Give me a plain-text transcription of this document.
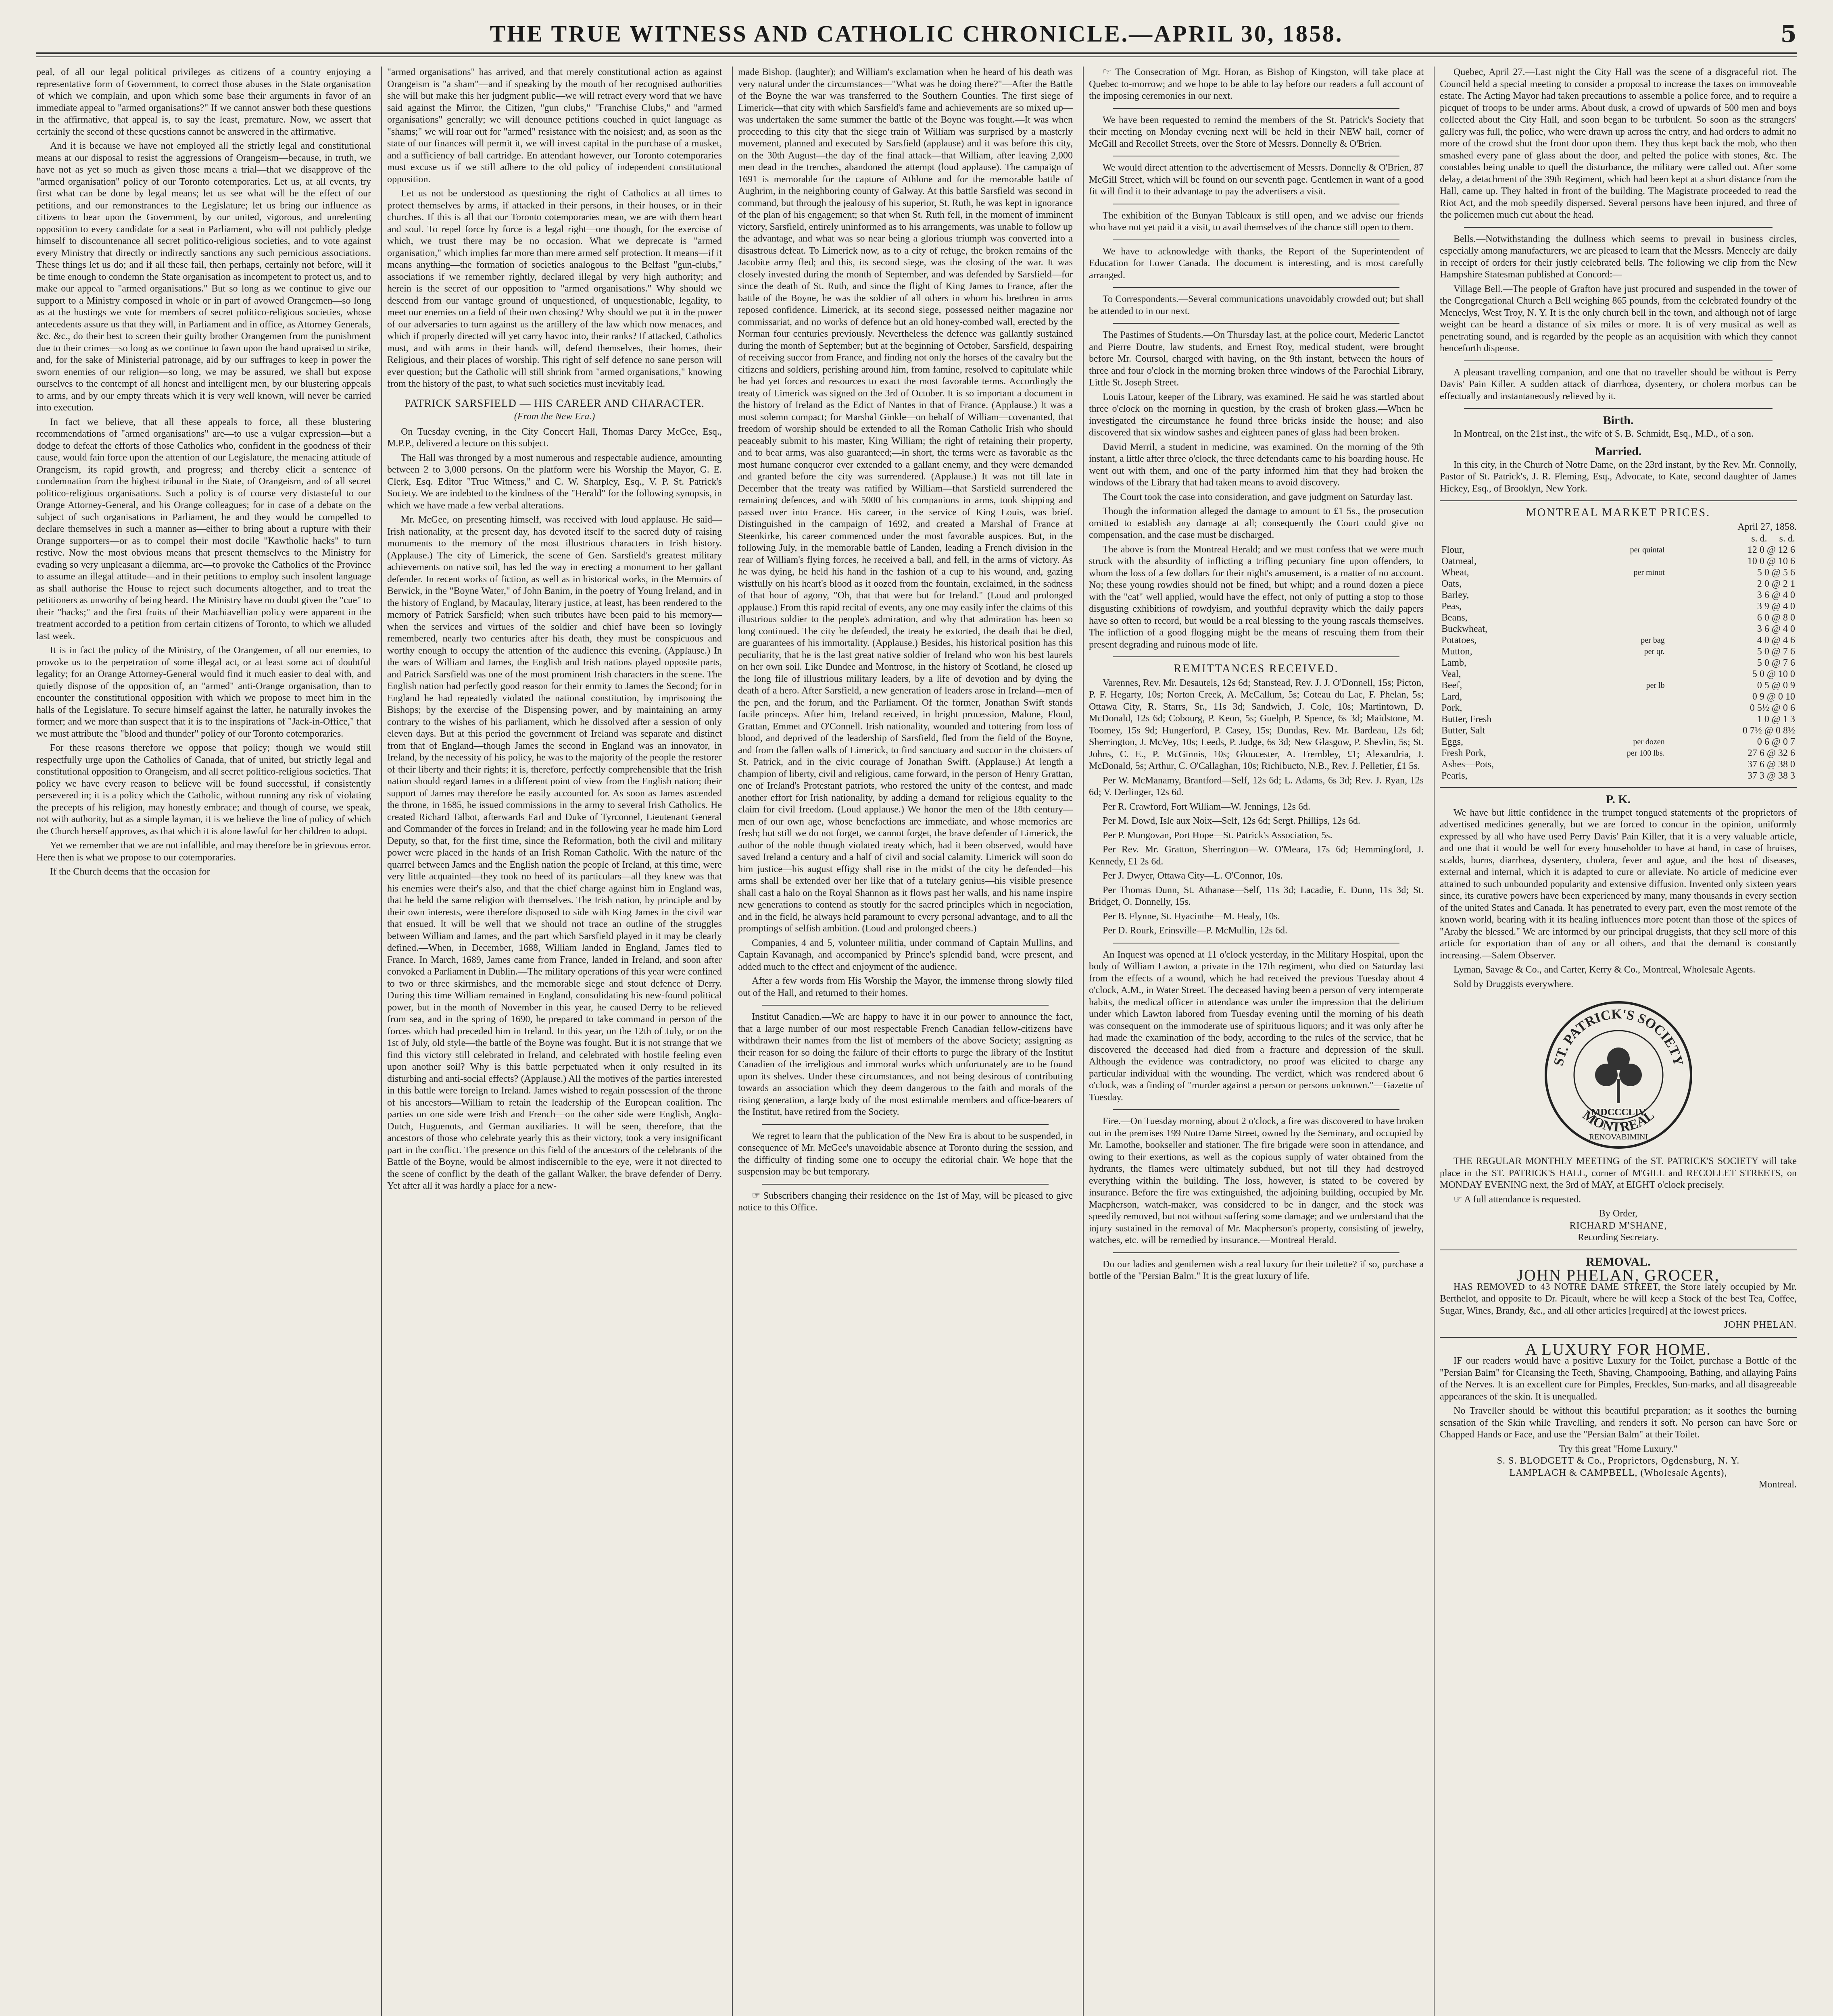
THE TRUE WITNESS AND CATHOLIC CHRONICLE.—APRIL 30, 1858.	5

peal, of all our legal political privileges as citizens of a country enjoying a representative form of Government, to correct those abuses in the State organisation of which we complain, and upon which some base their arguments in favor of an immediate appeal to "armed organisations?" If we cannot answer both these questions in the affirmative, that appeal is, to say the least, premature. Now, we assert that certainly the second of these questions cannot be answered in the affirmative.

And it is because we have not employed all the strictly legal and constitutional means at our disposal to resist the aggressions of Orangeism—because, in truth, we have not as yet so much as given those means a trial—that we disapprove of the "armed organisation" policy of our Toronto cotemporaries. Let us, at all events, try first what can be done by legal means; let us see what will be the effect of our petitions, and our remonstrances to the Legislature; let us bring our influence as citizens to bear upon the Government, by our united, vigorous, and unrelenting opposition to every candidate for a seat in Parliament, who will not publicly pledge himself to discountenance all secret politico-religious societies, and to vote against every Ministry that directly or indirectly sanctions any such pernicious associations. These things let us do; and if all these fail, then perhaps, certainly not before, will it be time enough to condemn the State organisation as incompetent to protect us, and to make our appeal to "armed organisations." But so long as we continue to give our support to a Ministry composed in whole or in part of avowed Orangemen—so long as at the hustings we vote for members of secret politico-religious societies, whose antecedents assure us that they will, in Parliament and in office, as Attorney Generals, &c. &c., do their best to screen their guilty brother Orangemen from the punishment due to their crimes—so long as we continue to fawn upon the hand upraised to strike, and, for the sake of Ministerial patronage, aid by our suffrages to keep in power the sworn enemies of our religion—so long, we may be assured, we shall but expose ourselves to the contempt of all honest and intelligent men, by our blustering appeals to arms, and by our empty threats which it is very well known, will never be carried into execution.

In fact we believe, that all these appeals to force, all these blustering recommendations of "armed organisations" are—to use a vulgar expression—but a dodge to defeat the efforts of those Catholics who, confident in the goodness of their cause, would fain force upon the attention of our Legislature, the menacing attitude of Orangeism, its rapid growth, and progress; and thereby elicit a sentence of condemnation from the highest tribunal in the State, of Orangeism, and of all secret politico-religious organisations. Such a policy is of course very distasteful to our Orange Attorney-General, and his Orange colleagues; for in case of a debate on the subject of such organisations in Parliament, he and they would be compelled to declare themselves in such a manner as—either to bring about a rupture with their Orange supporters—or as to compel their most docile "Kawtholic hacks" to turn restive. Now the most obvious means that present themselves to the Ministry for evading so very unpleasant a dilemma, are—to provoke the Catholics of the Province to assume an illegal attitude—and in their petitions to employ such insolent language as shall authorise the House to reject such documents altogether, and to treat the petitioners as unworthy of being heard. The Ministry have no doubt given the "cue" to their "hacks;" and the first fruits of their Machiavellian policy were apparent in the treatment accorded to a petition from certain citizens of Toronto, to which we alluded last week.

It is in fact the policy of the Ministry, of the Orangemen, of all our enemies, to provoke us to the perpetration of some illegal act, or at least some act of doubtful legality; for an Orange Attorney-General would find it much easier to deal with, and quietly dispose of the opposition of, an "armed" anti-Orange organisation, than to encounter the constitutional opposition with which we propose to meet him in the halls of the Legislature. To secure himself against the latter, he naturally invokes the former; and we more than suspect that it is to the inspirations of "Jack-in-Office," that we must attribute the "blood and thunder" policy of our Toronto cotemporaries.

For these reasons therefore we oppose that policy; though we would still respectfully urge upon the Catholics of Canada, that of united, but strictly legal and constitutional opposition to Orangeism, and all secret politico-religious societies. That policy we have every reason to believe will be found successful, if consistently persevered in; it is a policy which the Catholic, without running any risk of violating the precepts of his religion, may honestly embrace; and though of course, we speak, not with authority, but as a simple layman, it is we believe the line of policy of which the Church herself approves, as that which it is alone lawful for her children to adopt.

Yet we remember that we are not infallible, and may therefore be in grievous error. Here then is what we propose to our cotemporaries.

If the Church deems that the occasion for

"armed organisations" has arrived, and that merely constitutional action as against Orangeism is "a sham"—and if speaking by the mouth of her recognised authorities she will but make this her judgment public—we will retract every word that we have said against the Mirror, the Citizen, "gun clubs," "Franchise Clubs," and "armed organisations" generally; we will denounce petitions couched in quiet language as "shams;" we will roar out for "armed" resistance with the noisiest; and, as soon as the state of our finances will permit it, we will invest capital in the purchase of a musket, and a sufficiency of ball cartridge. En attendant however, our Toronto cotemporaries must excuse us if we still adhere to the old policy of independent constitutional opposition.

Let us not be understood as questioning the right of Catholics at all times to protect themselves by arms, if attacked in their persons, in their houses, or in their churches. If this is all that our Toronto cotemporaries mean, we are with them heart and soul. To repel force by force is a legal right—one though, for the exercise of which, we trust there may be no occasion. What we deprecate is "armed organisation," which implies far more than mere armed self protection. It means—if it means anything—the formation of societies analogous to the Belfast "gun-clubs," associations if we remember rightly, declared illegal by very high authority; and herein is the secret of our opposition to "armed organisations." Why should we descend from our vantage ground of unquestioned, of unquestionable, legality, to meet our enemies on a field of their own chosing? Why should we put it in the power of our adversaries to turn against us the artillery of the law which now menaces, and which if properly directed will yet carry havoc into, their ranks? If attacked, Catholics must, and with arms in their hands will, defend themselves, their homes, their Religious, and their places of worship. This right of self defence no sane person will ever question; but the Catholic will still shrink from "armed organisations," knowing from the history of the past, to what such societies must inevitably lead.

PATRICK SARSFIELD — HIS CAREER AND CHARACTER.
(From the New Era.)

On Tuesday evening, in the City Concert Hall, Thomas Darcy McGee, Esq., M.P.P., delivered a lecture on this subject.

The Hall was thronged by a most numerous and respectable audience, amounting between 2 to 3,000 persons. On the platform were his Worship the Mayor, G. E. Clerk, Esq. Editor "True Witness," and C. W. Sharpley, Esq., V. P. St. Patrick's Society. We are indebted to the kindness of the "Herald" for the following synopsis, in which we have made a few verbal alterations.

Mr. McGee, on presenting himself, was received with loud applause. He said—Irish nationality, at the present day, has devoted itself to the sacred duty of raising monuments to the memory of the most illustrious characters in Irish history. (Applause.) The city of Limerick, the scene of Gen. Sarsfield's greatest military achievements on native soil, has led the way in erecting a monument to her gallant defender. In recent works of fiction, as well as in historical works, in the Memoirs of Berwick, in the "Boyne Water," of John Banim, in the poetry of Young Ireland, and in the history of England, by Macaulay, literary justice, at least, has been rendered to the memory of Patrick Sarsfield; when such tributes have been paid to his memory—when the services and virtues of the soldier and chief have been so lovingly remembered, nearly two centuries after his death, they must be conspicuous and worthy enough to occupy the attention of the audience this evening. (Applause.) In the wars of William and James, the English and Irish nations played opposite parts, and Patrick Sarsfield was one of the most prominent Irish characters in the scene. The English nation had perfectly good reason for their enmity to James the Second; for in England he had repeatedly violated the national constitution, by imprisoning the Bishops; by the exercise of the Dispensing power, and by maintaining an army contrary to the wishes of his parliament, which he dissolved after a session of only eleven days. But at this period the government of Ireland was separate and distinct from that of England—though James the second in England was an innovator, in Ireland, by the necessity of his policy, he was to the majority of the people the restorer of their liberty and their rights; it is, therefore, perfectly comprehensible that the Irish nation should regard James in a different point of view from the English nation; their support of James may therefore be easily accounted for. As soon as James ascended the throne, in 1685, he issued commissions in the army to several Irish Catholics. He created Richard Talbot, afterwards Earl and Duke of Tyrconnel, Lieutenant General and Commander of the forces in Ireland; and in the following year he made him Lord Deputy, so that, for the first time, since the Reformation, both the civil and military power were placed in the hands of an Irish Roman Catholic. With the nature of the quarrel between James and the English nation the people of Ireland, at this time, were very little acquainted—they took no heed of its particulars—all they knew was that his enemies were their's also, and that the chief charge against him in England was, that he held the same religion with themselves. The Irish nation, by principle and by their own interests, were therefore disposed to side with King James in the civil war that ensued. It will be well that we should not trace an outline of the struggles between William and James, and the part which Sarsfield played in it may be clearly defined.—When, in December, 1688, William landed in England, James fled to France. In March, 1689, James came from France, landed in Ireland, and soon after convoked a Parliament in Dublin.—The military operations of this year were confined to two or three skirmishes, and the memorable siege and stout defence of Derry. During this time William remained in England, consolidating his new-found political power, but in the month of November in this year, he caused Derry to be relieved from sea, and in the spring of 1690, he prepared to take command in person of the forces which had preceded him in Ireland. In this year, on the 12th of July, or on the 1st of July, old style—the battle of the Boyne was fought. But it is not strange that we find this victory still celebrated in Ireland, and celebrated with hostile feeling even upon another soil? Why is this battle perpetuated when it only resulted in its disturbing and anti-social effects? (Applause.) All the motives of the parties interested in this battle were foreign to Ireland. James wished to regain possession of the throne of his ancestors—William to retain the leadership of the European coalition. The parties on one side were Irish and French—on the other side were English, Anglo-Dutch, Huguenots, and German auxiliaries. It will be seen, therefore, that the ancestors of those who celebrate yearly this as their victory, took a very insignificant part in the conflict. The presence on this field of the ancestors of the celebrants of the Battle of the Boyne, would be almost indiscernible to the eye, were it not directed to the scene of conflict by the death of the gallant Walker, the brave defender of Derry. Yet after all it was hardly a place for a new-

made Bishop. (laughter); and William's exclamation when he heard of his death was very natural under the circumstances—"What was he doing there?"—After the Battle of the Boyne the war was transferred to the Southern Counties. The first siege of Limerick—that city with which Sarsfield's fame and achievements are so mixed up—was undertaken the same summer the battle of the Boyne was fought.—It was when proceeding to this city that the siege train of William was surprised by a masterly movement, planned and executed by Sarsfield (applause) and it was before this city, on the 30th August—the day of the final attack—that William, after leaving 2,000 men dead in the trenches, abandoned the attempt (loud applause). The campaign of 1691 is memorable for the capture of Athlone and for the memorable battle of Aughrim, in the neighboring county of Galway. At this battle Sarsfield was second in command, but through the jealousy of his superior, St. Ruth, he was kept in ignorance of the plan of his engagement; so that when St. Ruth fell, in the moment of imminent victory, Sarsfield, entirely uninformed as to his arrangements, was unable to follow up the advantage, and what was so near being a glorious triumph was converted into a disastrous defeat. To Limerick now, as to a city of refuge, the broken remains of the Jacobite army fled; and this, its second siege, was the closing of the war. It was closely invested during the month of September, and was defended by Sarsfield—for since the death of St. Ruth, and since the flight of King James to France, after the battle of the Boyne, he was the soldier of all others in whom his brethren in arms reposed confidence. Limerick, at its second siege, possessed neither magazine nor commissariat, and no works of defence but an old honey-combed wall, erected by the Norman four centuries previously. Nevertheless the defence was gallantly sustained during the month of September; but at the beginning of October, Sarsfield, despairing of receiving succor from France, and finding not only the horses of the cavalry but the citizens and soldiers, perishing around him, from famine, resolved to capitulate while he had yet forces and resources to exact the most favorable terms. Accordingly the treaty of Limerick was signed on the 3rd of October. It is so important a document in the history of Ireland as the Edict of Nantes in that of France. (Applause.) It was a most solemn compact; for Marshal Ginkle—on behalf of William—covenanted, that freedom of worship should be extended to all the Roman Catholic Irish who should peaceably submit to his master, King William; the right of retaining their property, and to bear arms, was also guaranteed;—in short, the terms were as favorable as the most humane conqueror ever extended to a gallant enemy, and they were demanded and granted before the city was surrendered. (Applause.) It was not till late in December that the treaty was ratified by William—that Sarsfield surrendered the remaining defences, and with 5000 of his companions in arms, took shipping and passed over into France. His career, in the service of King Louis, was brief. Distinguished in the campaign of 1692, and created a Marshal of France at Steenkirke, his career commenced under the most favorable auspices. But, in the following July, in the memorable battle of Landen, leading a French division in the rear of William's flying forces, he received a ball, and fell, in the arms of victory. As he was dying, he held his hand in the fashion of a cup to his wound, and, gazing wistfully on his heart's blood as it oozed from the fountain, exclaimed, in the sadness of that hour of agony, "Oh, that that were but for Ireland." (Loud and prolonged applause.) From this rapid recital of events, any one may easily infer the claims of this illustrious soldier to the people's admiration, and why that admiration has been so long continued. The city he defended, the treaty he extorted, the death that he died, are guarantees of his immortality. (Applause.) Besides, his historical position has this peculiarity, that he is the last great native soldier of Ireland who won his best laurels on her own soil. Like Dundee and Montrose, in the history of Scotland, he closed up the long file of illustrious military leaders, by a life of devotion and by dying the death of a hero. After Sarsfield, a new generation of leaders arose in Ireland—men of the pen, and the forum, and the Parliament. Of the former, Jonathan Swift stands facile princeps. After him, Ireland received, in bright procession, Malone, Flood, Grattan, Emmet and O'Connell. Irish nationality, wounded and tottering from loss of blood, and deprived of the leadership of Sarsfield, fled from the field of the Boyne, and from the fallen walls of Limerick, to find sanctuary and succor in the cloisters of St. Patrick, and in the civic courage of Jonathan Swift. (Applause.) At length a champion of liberty, civil and religious, came forward, in the person of Henry Grattan, one of Ireland's Protestant patriots, who restored the unity of the contest, and made another effort for Irish nationality, by adding a demand for religious equality to the claim for civil freedom. (Loud applause.) We honor the men of the 18th century—men of our own age, whose benefactions are immediate, and whose memories are fresh; but still we do not forget, we cannot forget, the brave defender of Limerick, the author of the noble though violated treaty which, had it been observed, would have saved Ireland a century and a half of civil and social calamity. Limerick will soon do him justice—his august effigy shall rise in the midst of the city he defended—his arms shall be extended over her like that of a tutelary genius—his visible presence shall cast a halo on the Royal Shannon as it flows past her walls, and his name inspire new generations to contend as stoutly for the sacred principles which in negociation, and in the field, he always held paramount to every personal advantage, and to all the promptings of selfish ambition. (Loud and prolonged cheers.)

Companies, 4 and 5, volunteer militia, under command of Captain Mullins, and Captain Kavanagh, and accompanied by Prince's splendid band, were present, and added much to the effect and enjoyment of the audience.

After a few words from His Worship the Mayor, the immense throng slowly filed out of the Hall, and returned to their homes.

Institut Canadien.—We are happy to have it in our power to announce the fact, that a large number of our most respectable French Canadian fellow-citizens have withdrawn their names from the list of members of the above Society; assigning as their reason for so doing the failure of their efforts to purge the library of the Institut Canadien of the irreligious and immoral works which unfortunately are to be found upon its shelves. Under these circumstances, and not being desirous of contributing towards an association which they deem dangerous to the faith and morals of the rising generation, a large body of the most estimable members and office-bearers of the Institut, have retired from the Society.

We regret to learn that the publication of the New Era is about to be suspended, in consequence of Mr. McGee's unavoidable absence at Toronto during the session, and the difficulty of finding some one to occupy the editorial chair. We hope that the suspension may be but temporary.

☞ Subscribers changing their residence on the 1st of May, will be pleased to give notice to this Office.

☞ The Consecration of Mgr. Horan, as Bishop of Kingston, will take place at Quebec to-morrow; and we hope to be able to lay before our readers a full account of the imposing ceremonies in our next.

We have been requested to remind the members of the St. Patrick's Society that their meeting on Monday evening next will be held in their NEW hall, corner of McGill and Recollet Streets, over the Store of Messrs. Donnelly & O'Brien.

We would direct attention to the advertisement of Messrs. Donnelly & O'Brien, 87 McGill Street, which will be found on our seventh page. Gentlemen in want of a good fit will find it to their advantage to pay the advertisers a visit.

The exhibition of the Bunyan Tableaux is still open, and we advise our friends who have not yet paid it a visit, to avail themselves of the chance still open to them.

We have to acknowledge with thanks, the Report of the Superintendent of Education for Lower Canada. The document is interesting, and is most carefully arranged.

To Correspondents.—Several communications unavoidably crowded out; but shall be attended to in our next.

The Pastimes of Students.—On Thursday last, at the police court, Mederic Lanctot and Pierre Doutre, law students, and Ernest Roy, medical student, were brought before Mr. Coursol, charged with having, on the 9th instant, between the hours of three and four o'clock in the morning broken three windows of the Parochial Library, Little St. Joseph Street.

Louis Latour, keeper of the Library, was examined. He said he was startled about three o'clock on the morning in question, by the crash of broken glass.—When he investigated the circumstance he found three bricks inside the house; and also discovered that six window sashes and eighteen panes of glass had been broken.

David Merril, a student in medicine, was examined. On the morning of the 9th instant, a little after three o'clock, the three defendants came to his boarding house. He went out with them, and one of the party informed him that they had broken the windows of the Library that had taken means to avoid discovery.

The Court took the case into consideration, and gave judgment on Saturday last.

Though the information alleged the damage to amount to £1 5s., the prosecution omitted to establish any damage at all; consequently the Court could give no compensation, and the case must be discharged.

The above is from the Montreal Herald; and we must confess that we were much struck with the absurdity of inflicting a trifling pecuniary fine upon offenders, to whom the loss of a few dollars for their night's amusement, is a matter of no account. No; these young rowdies should not be fined, but whipt; and a round dozen a piece with the "cat" well applied, would have the effect, not only of putting a stop to those disgusting exhibitions of rowdyism, and youthful depravity which the daily papers have so often to record, but would be a real blessing to the young rascals themselves. The infliction of a good flogging might be the means of rescuing them from their present degrading and ruinous mode of life.

REMITTANCES RECEIVED.

Varennes, Rev. Mr. Desautels, 12s 6d; Stanstead, Rev. J. J. O'Donnell, 15s; Picton, P. F. Hegarty, 10s; Norton Creek, A. McCallum, 5s; Coteau du Lac, F. Phelan, 5s; Ottawa City, R. Starrs, Sr., 11s 3d; Sandwich, J. Cole, 10s; Martintown, D. McDonald, 12s 6d; Cobourg, P. Keon, 5s; Guelph, P. Spence, 6s 3d; Maidstone, M. Toomey, 15s 9d; Hungerford, P. Casey, 15s; Dundas, Rev. Mr. Bardeau, 12s 6d; Sherrington, J. McVey, 10s; Leeds, P. Judge, 6s 3d; New Glasgow, P. Shevlin, 5s; St. Johns, C. E., P. McGinnis, 10s; Gloucester, A. Trembley, £1; Alexandria, J. McDonald, 5s; Arthur, C. O'Callaghan, 10s; Richibucto, N.B., Rev. J. Pelletier, £1 5s.

Per W. McManamy, Brantford—Self, 12s 6d; L. Adams, 6s 3d; Rev. J. Ryan, 12s 6d; V. Derlinger, 12s 6d.

Per R. Crawford, Fort William—W. Jennings, 12s 6d.

Per M. Dowd, Isle aux Noix—Self, 12s 6d; Sergt. Phillips, 12s 6d.

Per P. Mungovan, Port Hope—St. Patrick's Association, 5s.

Per Rev. Mr. Gratton, Sherrington—W. O'Meara, 17s 6d; Hemmingford, J. Kennedy, £1 2s 6d.

Per J. Dwyer, Ottawa City—L. O'Connor, 10s.

Per Thomas Dunn, St. Athanase—Self, 11s 3d; Lacadie, E. Dunn, 11s 3d; St. Bridget, O. Donnelly, 15s.

Per B. Flynne, St. Hyacinthe—M. Healy, 10s.

Per D. Rourk, Erinsville—P. McMullin, 12s 6d.

An Inquest was opened at 11 o'clock yesterday, in the Military Hospital, upon the body of William Lawton, a private in the 17th regiment, who died on Saturday last from the effects of a wound, which he had received the previous Tuesday about 4 o'clock, A.M., in Water Street. The deceased having been a person of very intemperate habits, the medical officer in attendance was under the impression that the delirium under which Lawton labored from Tuesday evening until the morning of his death was consequent on the immoderate use of spirituous liquors; and it was only after he had made the examination of the body, according to the rules of the service, that he discovered the deceased had died from a fracture and depression of the skull. Although the evidence was contradictory, no proof was elicited to charge any particular individual with the wounding. The verdict, which was rendered about 6 o'clock, was a finding of "murder against a person or persons unknown."—Gazette of Tuesday.

Fire.—On Tuesday morning, about 2 o'clock, a fire was discovered to have broken out in the premises 199 Notre Dame Street, owned by the Seminary, and occupied by Mr. Lamothe, bookseller and stationer. The fire brigade were soon in attendance, and owing to their exertions, as well as the copious supply of water obtained from the hydrants, the flames were ultimately subdued, but not till they had destroyed everything within the building. The loss, however, is stated to be covered by insurance. Before the fire was extinguished, the adjoining building, occupied by Mr. Macpherson, watch-maker, was considered to be in danger, and the stock was speedily removed, but not without suffering some damage; and we understand that the injury sustained in the removal of Mr. Macpherson's property, consisting of jewelry, watches, etc. will be remedied by insurance.—Montreal Herald.

Do our ladies and gentlemen wish a real luxury for their toilette? if so, purchase a bottle of the "Persian Balm." It is the great luxury of life.

Quebec, April 27.—Last night the City Hall was the scene of a disgraceful riot. The Council held a special meeting to consider a proposal to increase the taxes on immoveable estate. The Acting Mayor had taken precautions to assemble a police force, and to require a picquet of troops to be under arms. About dusk, a crowd of upwards of 500 men and boys collected about the City Hall, and soon began to be turbulent. So soon as the strangers' gallery was full, the police, who were drawn up across the entry, and had orders to admit no more of the crowd shut the front door upon them. They thus kept back the mob, who then smashed every pane of glass about the door, and pelted the police with stones, &c. The constables being unable to quell the disturbance, the military were called out. After some delay, a detachment of the 39th Regiment, which had been kept at a short distance from the Hall, came up. They halted in front of the building. The Magistrate proceeded to read the Riot Act, and the mob speedily dispersed. Several persons have been injured, and three of the policemen much cut about the head.

Bells.—Notwithstanding the dullness which seems to prevail in business circles, especially among manufacturers, we are pleased to learn that the Messrs. Meneely are daily in receipt of orders for their justly celebrated bells. The following we clip from the New Hampshire Statesman published at Concord:—

Village Bell.—The people of Grafton have just procured and suspended in the tower of the Congregational Church a Bell weighing 865 pounds, from the celebrated foundry of the Meneelys, West Troy, N. Y. It is the only church bell in the town, and although not of large weight can be heard a distance of six miles or more. It is of very musical as well as penetrating sound, and is regarded by the people as an acquisition with which they cannot henceforth dispense.

A pleasant travelling companion, and one that no traveller should be without is Perry Davis' Pain Killer. A sudden attack of diarrhœa, dysentery, or cholera morbus can be effectually and instantaneously relieved by it.

Birth.

In Montreal, on the 21st inst., the wife of S. B. Schmidt, Esq., M.D., of a son.

Married.

In this city, in the Church of Notre Dame, on the 23rd instant, by the Rev. Mr. Connolly, Pastor of St. Patrick's, J. R. Fleming, Esq., Advocate, to Kate, second daughter of James Hickey, Esq., of Brooklyn, New York.

MONTREAL MARKET PRICES.
April 27, 1858.
		s. d. s. d.
Flour,	per quintal	12 0 @ 12 6
Oatmeal,		10 0 @ 10 6
Wheat,	per minot	5 0 @ 5 6
Oats,		2 0 @ 2 1
Barley,		3 6 @ 4 0
Peas,		3 9 @ 4 0
Beans,		6 0 @ 8 0
Buckwheat,		3 6 @ 4 0
Potatoes,	per bag	4 0 @ 4 6
Mutton,	per qr.	5 0 @ 7 6
Lamb,		5 0 @ 7 6
Veal,		5 0 @ 10 0
Beef,	per lb	0 5 @ 0 9
Lard,		0 9 @ 0 10
Pork,		0 5½ @ 0 6
Butter, Fresh		1 0 @ 1 3
Butter, Salt		0 7½ @ 0 8½
Eggs,	per dozen	0 6 @ 0 7
Fresh Pork,	per 100 lbs.	27 6 @ 32 6
Ashes—Pots,		37 6 @ 38 0
Pearls,		37 3 @ 38 3
P. K.

We have but little confidence in the trumpet tongued statements of the proprietors of advertised medicines generally, but we are forced to concur in the opinion, uniformly expressed by all who have used Perry Davis' Pain Killer, that it is a very valuable article, and one that it would be well for every householder to have at hand, in case of bruises, scalds, burns, diarrhœa, dysentery, cholera, fever and ague, and the host of diseases, external and internal, which it is adapted to cure or alleviate. No article of medicine ever attained to such unbounded popularity and extensive diffusion. Invented only sixteen years since, its curative powers have been experienced by many, many thousands in every section of the united States and Canada. It has penetrated to every part, even the most remote of the known world, bearing with it its healing influences more potent than those of the spices of "Araby the blessed." We are informed by our principal druggists, that they sell more of this article for exportation than of any or all others, and that the demand is constantly increasing.—Salem Observer.

Lyman, Savage & Co., and Carter, Kerry & Co., Montreal, Wholesale Agents.

Sold by Druggists everywhere.

ST. PATRICK'S SOCIETY
MONTREAL
MDCCCLIV
RENOVABIMINI

THE REGULAR MONTHLY MEETING of the ST. PATRICK'S SOCIETY will take place in the ST. PATRICK'S HALL, corner of M'GILL and RECOLLET STREETS, on MONDAY EVENING next, the 3rd of MAY, at EIGHT o'clock precisely.

☞ A full attendance is requested.

By Order,
RICHARD M'SHANE,
Recording Secretary.
REMOVAL.
JOHN PHELAN, GROCER,

HAS REMOVED to 43 NOTRE DAME STREET, the Store lately occupied by Mr. Berthelot, and opposite to Dr. Picault, where he will keep a Stock of the best Tea, Coffee, Sugar, Wines, Brandy, &c., and all other articles [required] at the lowest prices.

JOHN PHELAN.
A LUXURY FOR HOME.

IF our readers would have a positive Luxury for the Toilet, purchase a Bottle of the "Persian Balm" for Cleansing the Teeth, Shaving, Champooing, Bathing, and allaying Pains of the Nerves. It is an excellent cure for Pimples, Freckles, Sun-marks, and all disagreeable appearances of the skin. It is unequalled.

No Traveller should be without this beautiful preparation; as it soothes the burning sensation of the Skin while Travelling, and renders it soft. No person can have Sore or Chapped Hands or Face, and use the "Persian Balm" at their Toilet.

Try this great "Home Luxury."
S. S. BLODGETT & Co., Proprietors, Ogdensburg, N. Y.
LAMPLAGH & CAMPBELL, (Wholesale Agents),
Montreal.
